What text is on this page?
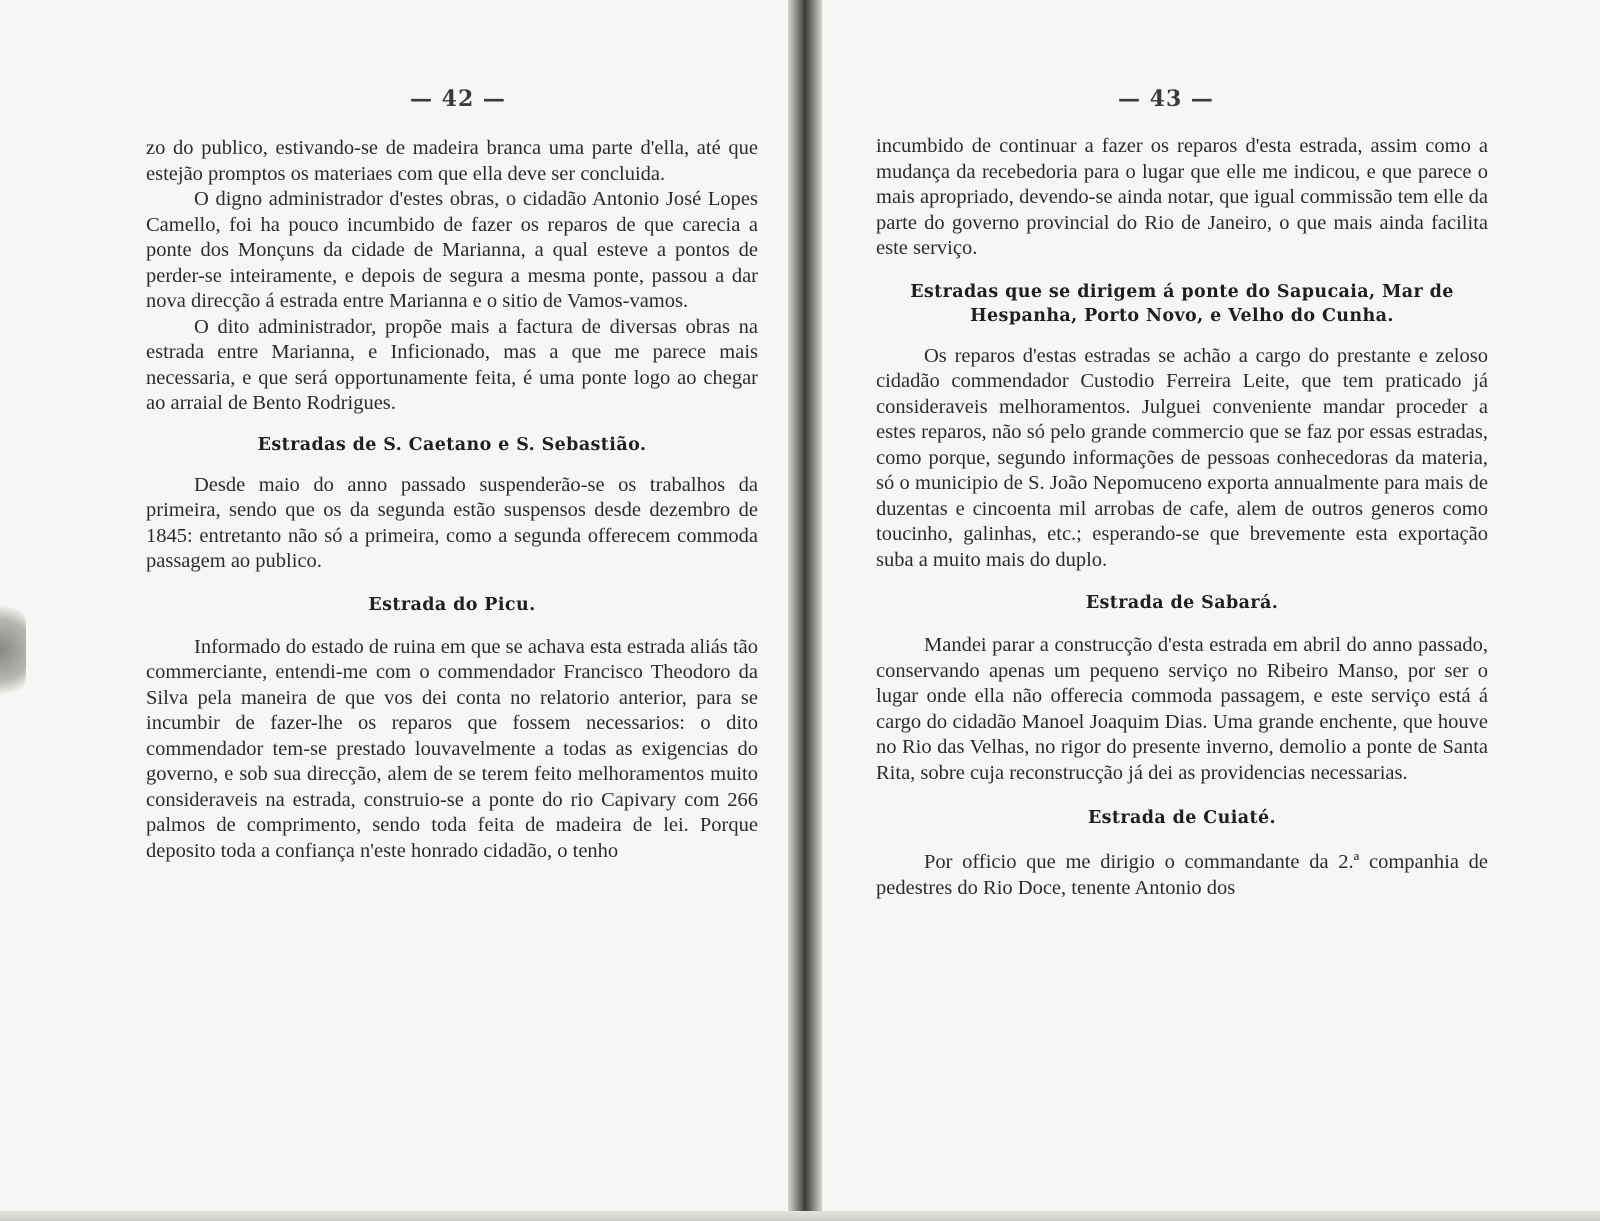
— 42 —

zo do publico, estivando-se de madeira branca uma parte d'ella, até que estejão promptos os materiaes com que ella deve ser concluida.

O digno administrador d'estes obras, o cidadão Antonio José Lopes Camello, foi ha pouco incumbido de fazer os reparos de que carecia a ponte dos Monçuns da cidade de Marianna, a qual esteve a pontos de perder-se inteiramente, e depois de segura a mesma ponte, passou a dar nova direcção á estrada entre Marianna e o sitio de Vamos-vamos.

O dito administrador, propõe mais a factura de diversas obras na estrada entre Marianna, e Inficionado, mas a que me parece mais necessaria, e que será opportunamente feita, é uma ponte logo ao chegar ao arraial de Bento Rodrigues.

Estradas de S. Caetano e S. Sebastião.

Desde maio do anno passado suspenderão-se os trabalhos da primeira, sendo que os da segunda estão suspensos desde dezembro de 1845: entretanto não só a primeira, como a segunda offerecem commoda passagem ao publico.

Estrada do Picu.

Informado do estado de ruina em que se achava esta estrada aliás tão commerciante, entendi-me com o commendador Francisco Theodoro da Silva pela maneira de que vos dei conta no relatorio anterior, para se incumbir de fazer-lhe os reparos que fossem necessarios: o dito commendador tem-se prestado louvavelmente a todas as exigencias do governo, e sob sua direcção, alem de se terem feito melhoramentos muito consideraveis na estrada, construio-se a ponte do rio Capivary com 266 palmos de comprimento, sendo toda feita de madeira de lei. Porque deposito toda a confiança n'este honrado cidadão, o tenho

— 43 —

incumbido de continuar a fazer os reparos d'esta estrada, assim como a mudança da recebedoria para o lugar que elle me indicou, e que parece o mais apropriado, devendo-se ainda notar, que igual commissão tem elle da parte do governo provincial do Rio de Janeiro, o que mais ainda facilita este serviço.

Estradas que se dirigem á ponte do Sapucaia, Mar de Hespanha, Porto Novo, e Velho do Cunha.

Os reparos d'estas estradas se achão a cargo do prestante e zeloso cidadão commendador Custodio Ferreira Leite, que tem praticado já consideraveis melhoramentos. Julguei conveniente mandar proceder a estes reparos, não só pelo grande commercio que se faz por essas estradas, como porque, segundo informações de pessoas conhecedoras da materia, só o municipio de S. João Nepomuceno exporta annualmente para mais de duzentas e cincoenta mil arrobas de cafe, alem de outros generos como toucinho, galinhas, etc.; esperando-se que brevemente esta exportação suba a muito mais do duplo.

Estrada de Sabará.

Mandei parar a construcção d'esta estrada em abril do anno passado, conservando apenas um pequeno serviço no Ribeiro Manso, por ser o lugar onde ella não offerecia commoda passagem, e este serviço está á cargo do cidadão Manoel Joaquim Dias. Uma grande enchente, que houve no Rio das Velhas, no rigor do presente inverno, demolio a ponte de Santa Rita, sobre cuja reconstrucção já dei as providencias necessarias.

Estrada de Cuiaté.

Por officio que me dirigio o commandante da 2.ª companhia de pedestres do Rio Doce, tenente Antonio dos
